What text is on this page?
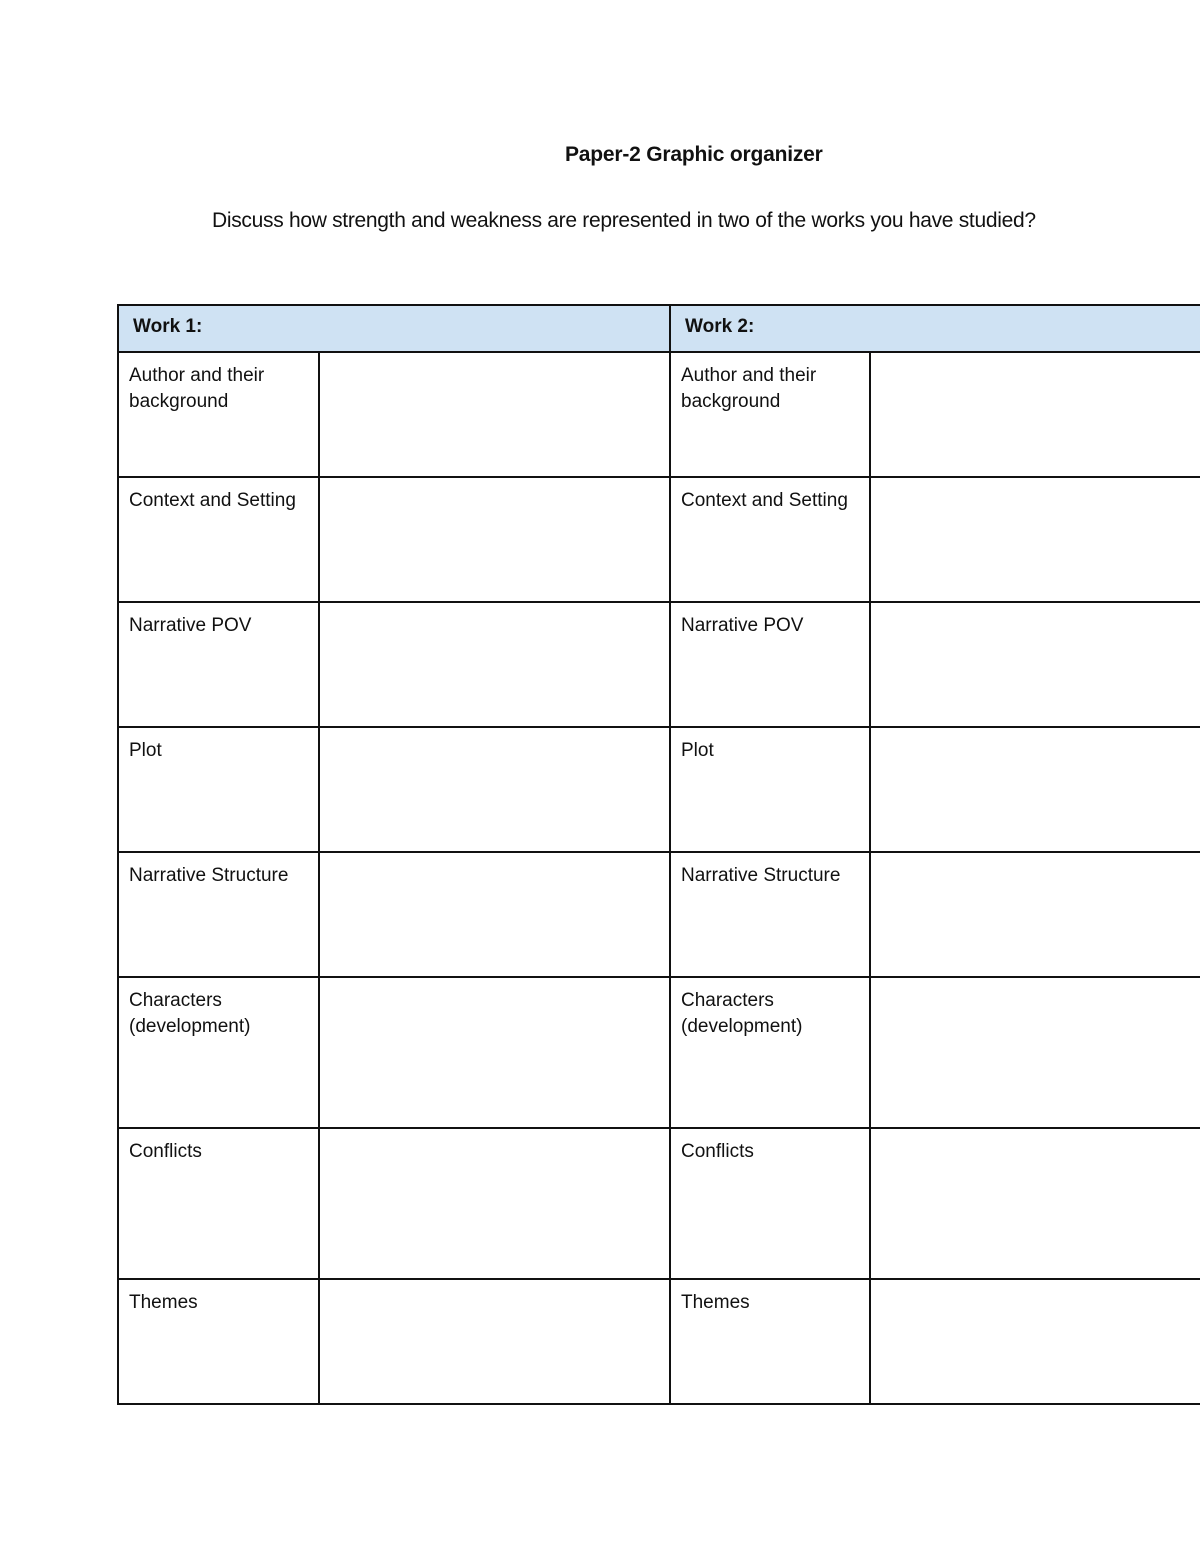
Paper-2 Graphic organizer
Discuss how strength and weakness are represented in two of the works you have studied?
Work 1:		Work 2:	
Author and their background		Author and their background	
Context and Setting		Context and Setting	
Narrative POV		Narrative POV	
Plot		Plot	
Narrative Structure		Narrative Structure	
Characters (development)		Characters (development)	
Conflicts		Conflicts	
Themes		Themes	
